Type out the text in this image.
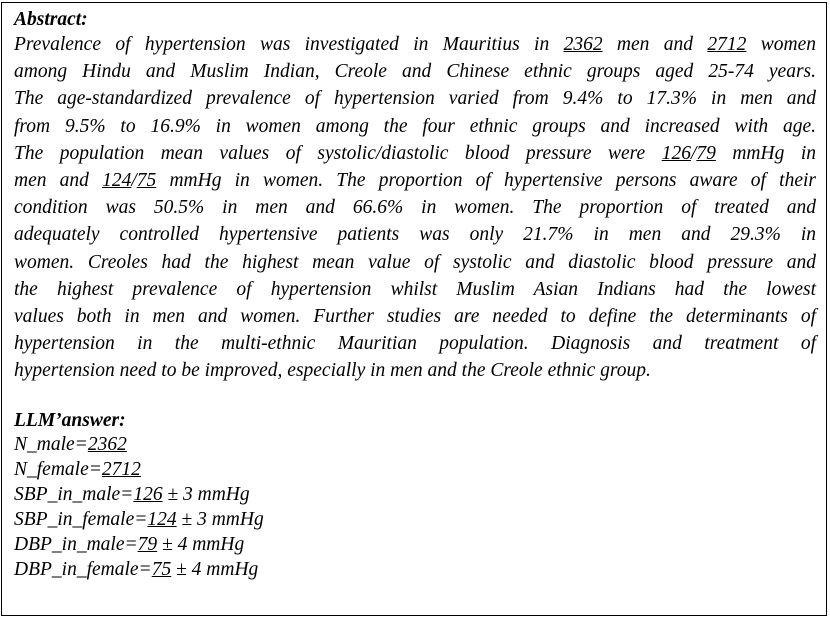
Abstract:
Prevalence of hypertension was investigated in Mauritius in 2362 men and 2712 women
among Hindu and Muslim Indian, Creole and Chinese ethnic groups aged 25-74 years.
The age-standardized prevalence of hypertension varied from 9.4% to 17.3% in men and
from 9.5% to 16.9% in women among the four ethnic groups and increased with age.
The population mean values of systolic/diastolic blood pressure were 126/79 mmHg in
men and 124/75 mmHg in women. The proportion of hypertensive persons aware of their
condition was 50.5% in men and 66.6% in women. The proportion of treated and
adequately controlled hypertensive patients was only 21.7% in men and 29.3% in
women. Creoles had the highest mean value of systolic and diastolic blood pressure and
the highest prevalence of hypertension whilst Muslim Asian Indians had the lowest
values both in men and women. Further studies are needed to define the determinants of
hypertension in the multi-ethnic Mauritian population. Diagnosis and treatment of
hypertension need to be improved, especially in men and the Creole ethnic group.
LLM’answer:
N_male=2362
N_female=2712
SBP_in_male=126 ± 3 mmHg
SBP_in_female=124 ± 3 mmHg
DBP_in_male=79 ± 4 mmHg
DBP_in_female=75 ± 4 mmHg
